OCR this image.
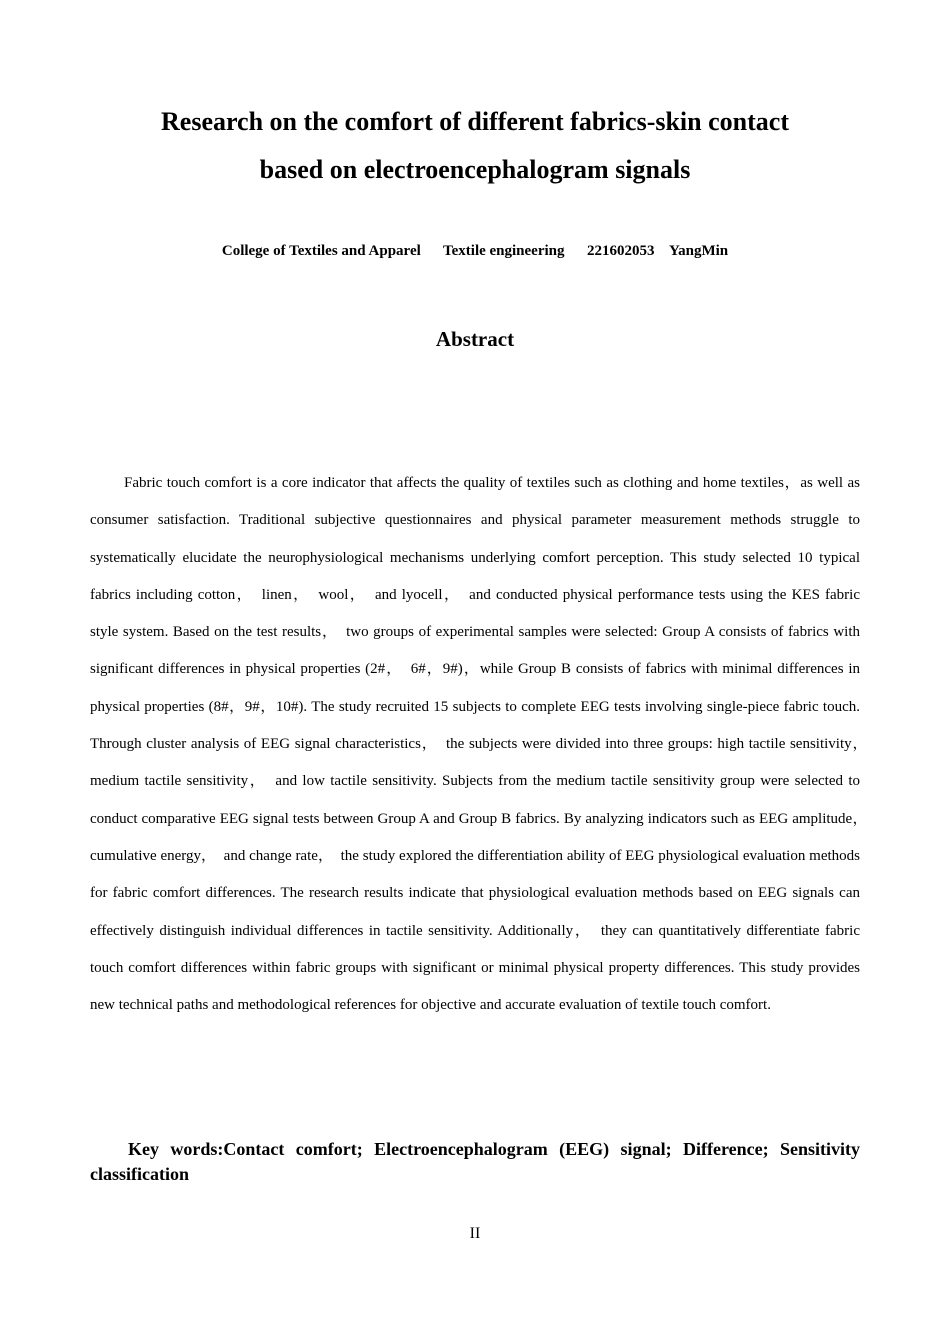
Research on the comfort of different fabrics-skin contact
based on electroencephalogram signals
College of Textiles and Apparel      Textile engineering      221602053    YangMin
Abstract

Fabric touch comfort is a core indicator that affects the quality of textiles such as clothing and home textiles，as well as consumer satisfaction. Traditional subjective questionnaires and physical parameter measurement methods struggle to systematically elucidate the neurophysiological mechanisms underlying comfort perception. This study selected 10 typical fabrics including cotton，　linen，　wool，　and lyocell，　and conducted physical performance tests using the KES fabric style system. Based on the test results，　two groups of experimental samples were selected: Group A consists of fabrics with significant differences in physical properties (2#，　6#，9#)，while Group B consists of fabrics with minimal differences in physical properties (8#，9#，10#). The study recruited 15 subjects to complete EEG tests involving single-piece fabric touch. Through cluster analysis of EEG signal characteristics，　the subjects were divided into three groups: high tactile sensitivity，　medium tactile sensitivity，　and low tactile sensitivity. Subjects from the medium tactile sensitivity group were selected to conduct comparative EEG signal tests between Group A and Group B fabrics. By analyzing indicators such as EEG amplitude，　cumulative energy，　and change rate，　the study explored the differentiation ability of EEG physiological evaluation methods for fabric comfort differences. The research results indicate that physiological evaluation methods based on EEG signals can effectively distinguish individual differences in tactile sensitivity. Additionally，　they can quantitatively differentiate fabric touch comfort differences within fabric groups with significant or minimal physical property differences. This study provides new technical paths and methodological references for objective and accurate evaluation of textile touch comfort.

Key words:Contact comfort; Electroencephalogram (EEG) signal; Difference; Sensitivity classification

II
